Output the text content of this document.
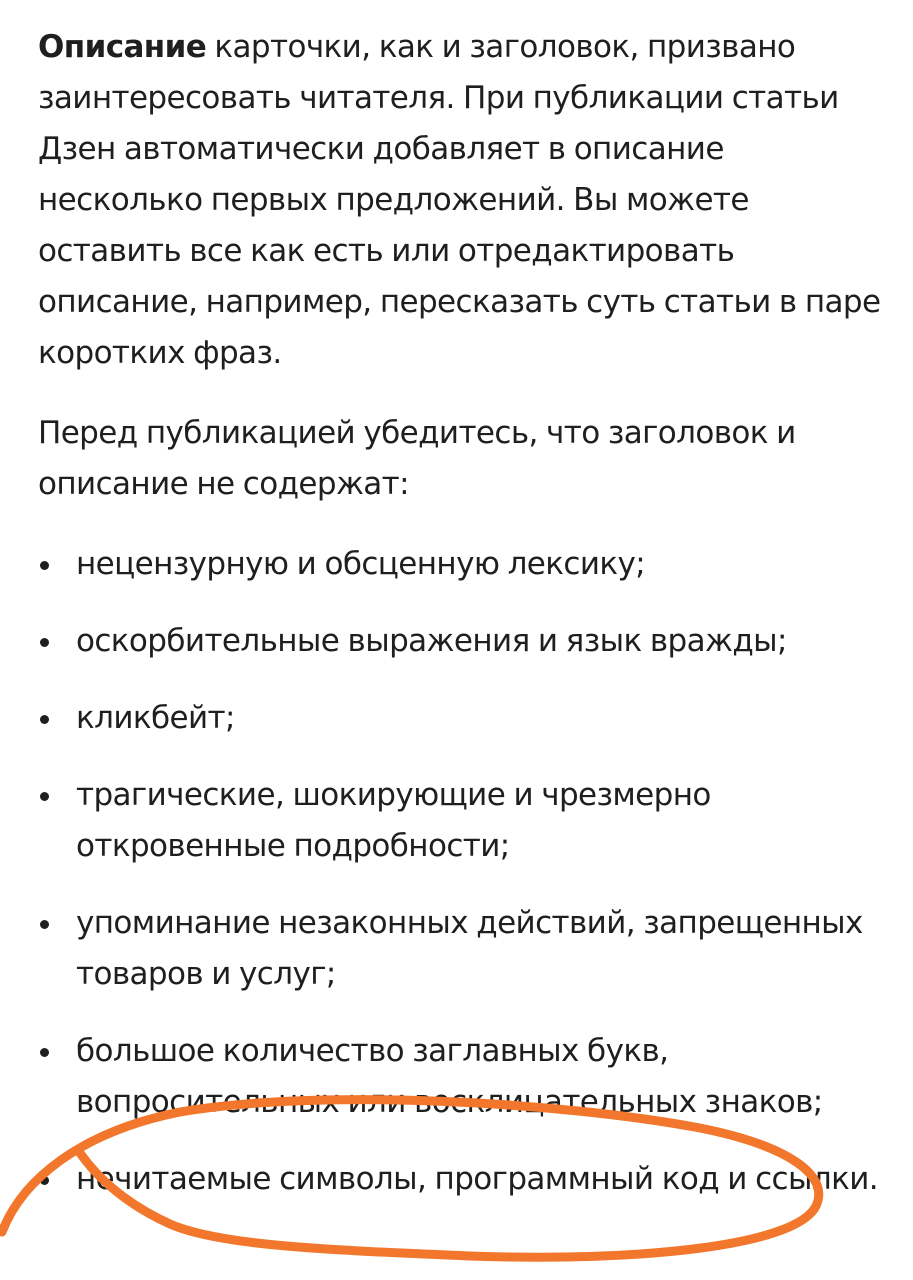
Описание карточки, как и заголовок, призвано заинтересовать читателя. При публикации статьи Дзен автоматически добавляет в описание несколько первых предложений. Вы можете оставить все как есть или отредактировать описание, например, пересказать суть статьи в паре коротких фраз.

Перед публикацией убедитесь, что заголовок и описание не содержат:

нецензурную и обсценную лексику;
оскорбительные выражения и язык вражды;
кликбейт;
трагические, шокирующие и чрезмерно откровенные подробности;
упоминание незаконных действий, запрещенных товаров и услуг;
большое количество заглавных букв, вопросительных или восклицательных знаков;
нечитаемые символы, программный код и ссылки.
